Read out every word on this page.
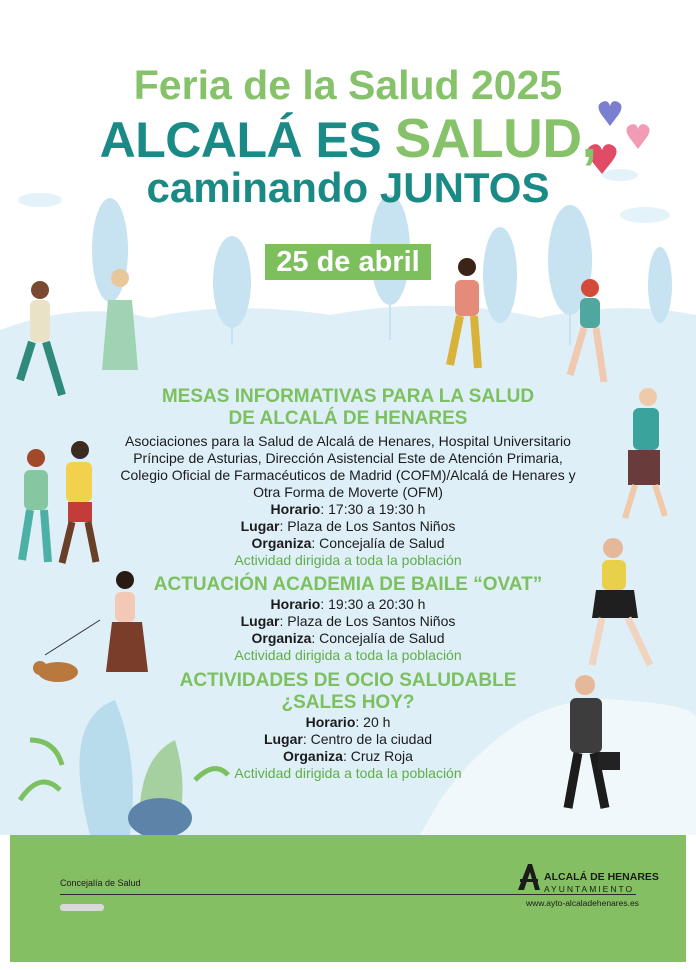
Feria de la Salud 2025
ALCALÁ ES SALUD,
caminando JUNTOS
25 de abril
MESAS INFORMATIVAS PARA LA SALUD
DE ALCALÁ DE HENARES
Asociaciones para la Salud de Alcalá de Henares, Hospital Universitario Príncipe de Asturias, Dirección Asistencial Este de Atención Primaria, Colegio Oficial de Farmacéuticos de Madrid (COFM)/Alcalá de Henares y Otra Forma de Moverte (OFM)
Horario: 17:30 a 19:30 h
Lugar: Plaza de Los Santos Niños
Organiza: Concejalía de Salud
Actividad dirigida a toda la población
ACTUACIÓN ACADEMIA DE BAILE “OVAT”
Horario: 19:30 a 20:30 h
Lugar: Plaza de Los Santos Niños
Organiza: Concejalía de Salud
Actividad dirigida a toda la población
ACTIVIDADES DE OCIO SALUDABLE
¿SALES HOY?
Horario: 20 h
Lugar: Centro de la ciudad
Organiza: Cruz Roja
Actividad dirigida a toda la población
Concejalía de Salud	ALCALÁ DE HENARES
AYUNTAMIENTO
www.ayto-alcaladehenares.es
